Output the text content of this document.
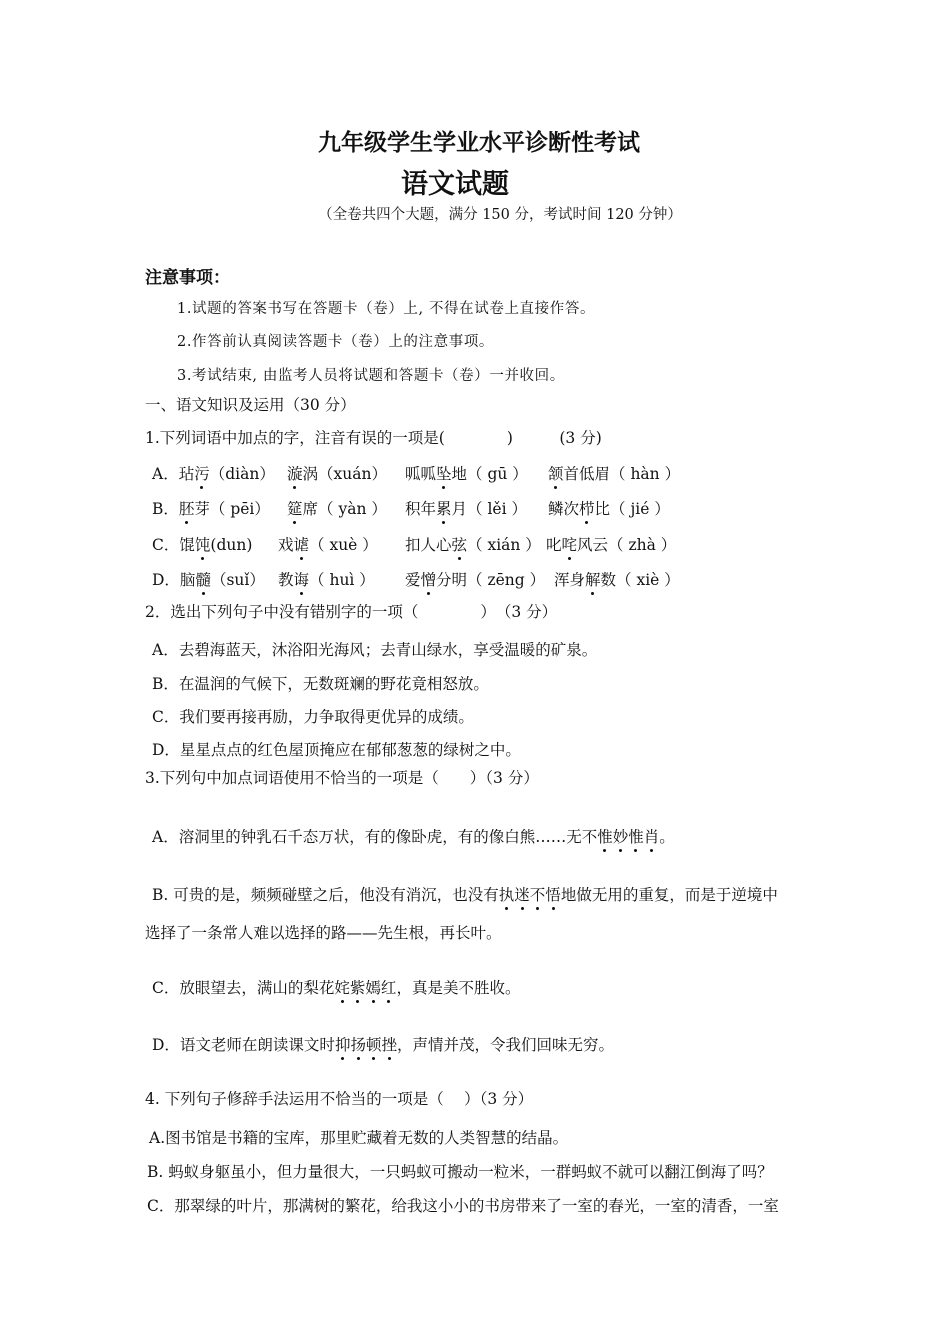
九年级学生学业水平诊断性考试
语文试题
（全卷共四个大题，满分 150 分，考试时间 120 分钟）
注意事项：
1.试题的答案书写在答题卡（卷）上, 不得在试卷上直接作答。
2.作答前认真阅读答题卡（卷）上的注意事项。
3.考试结束, 由监考人员将试题和答题卡（卷）一并收回。
一、语文知识及运用（30 分）
1.下列词语中加点的字，注音有误的一项是(　　　　)　　　(3 分)
A．玷污（diàn） 漩涡（xuán） 呱呱坠地（ gū ） 颔首低眉（ hàn ）
B．胚芽（ pēi） 筵席（ yàn ） 积年累月（ lěi ） 鳞次栉比（ jié ）
C．馄饨(dun) 戏谑（ xuè ） 扣人心弦（ xián ） 叱咤风云（ zhà ）
D．脑髓（suǐ） 教诲（ huì ） 爱憎分明（ zēng ） 浑身解数（ xiè ）
2．选出下列句子中没有错别字的一项（　　　　）　（3 分）
A．去碧海蓝天，沐浴阳光海风；去青山绿水，享受温暖的矿泉。
B．在温润的气候下，无数斑斓的野花竟相怒放。
C．我们要再接再励，力争取得更优异的成绩。
D．星星点点的红色屋顶掩应在郁郁葱葱的绿树之中。
3.下列句中加点词语使用不恰当的一项是（　　）（3 分）
A．溶洞里的钟乳石千态万状，有的像卧虎，有的像白熊……无不惟妙惟肖。
B. 可贵的是，频频碰壁之后，他没有消沉，也没有执迷不悟地做无用的重复，而是于逆境中
选择了一条常人难以选择的路——先生根，再长叶。
C．放眼望去，满山的梨花姹紫嫣红，真是美不胜收。
D．语文老师在朗读课文时抑扬顿挫，声情并茂，令我们回味无穷。
4. 下列句子修辞手法运用不恰当的一项是（　 ）（3 分）
A.图书馆是书籍的宝库，那里贮藏着无数的人类智慧的结晶。
B. 蚂蚁身躯虽小，但力量很大，一只蚂蚁可搬动一粒米，一群蚂蚁不就可以翻江倒海了吗？
C．那翠绿的叶片，那满树的繁花，给我这小小的书房带来了一室的春光，一室的清香，一室
